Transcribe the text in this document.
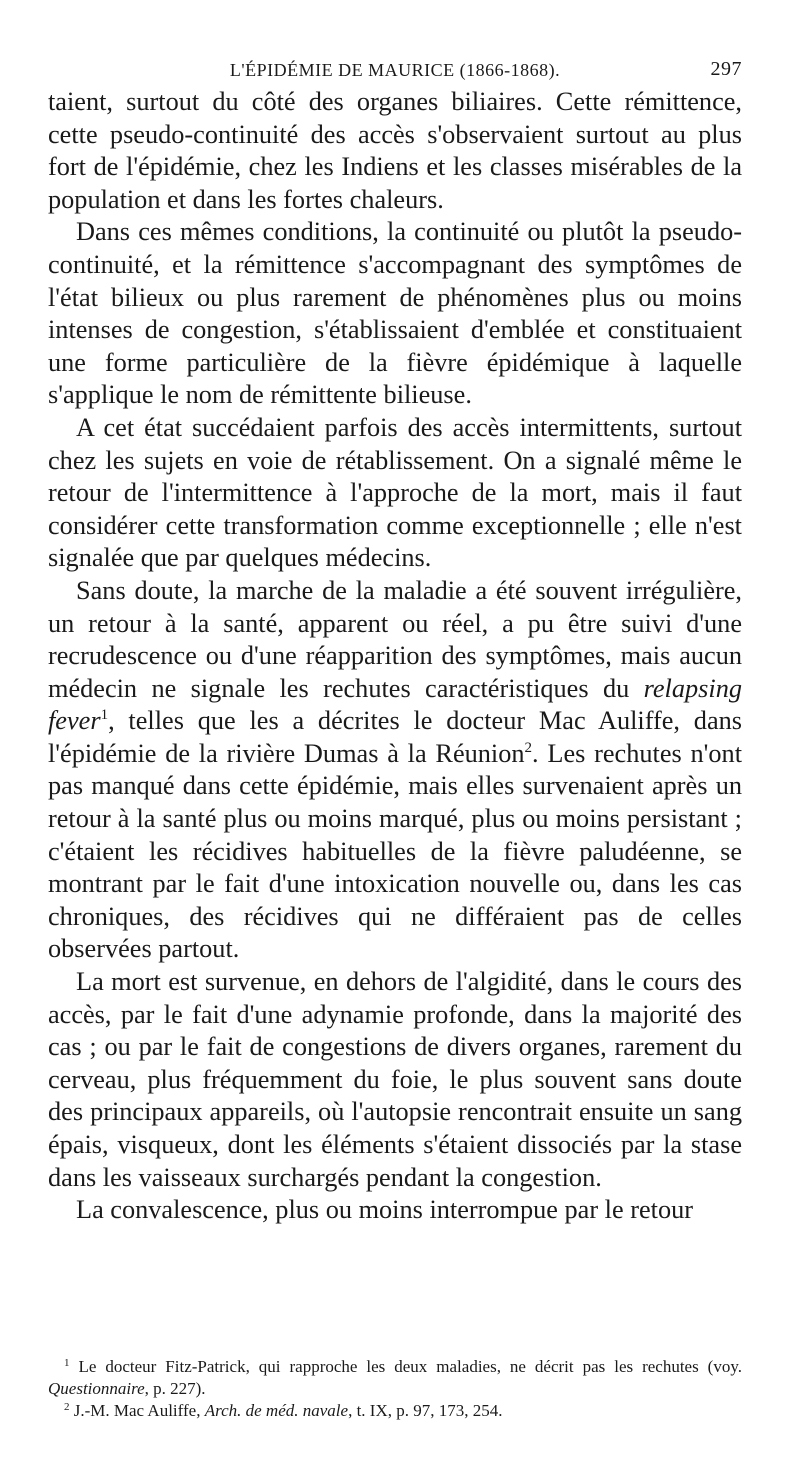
L'ÉPIDÉMIE DE MAURICE (1866-1868).	297

taient, surtout du côté des organes biliaires. Cette rémittence, cette pseudo-continuité des accès s'observaient surtout au plus fort de l'épidémie, chez les Indiens et les classes misérables de la population et dans les fortes chaleurs.

Dans ces mêmes conditions, la continuité ou plutôt la pseudo-continuité, et la rémittence s'accompagnant des symptômes de l'état bilieux ou plus rarement de phénomènes plus ou moins intenses de congestion, s'établissaient d'emblée et constituaient une forme particulière de la fièvre épidémique à laquelle s'applique le nom de rémittente bilieuse.

A cet état succédaient parfois des accès intermittents, surtout chez les sujets en voie de rétablissement. On a signalé même le retour de l'intermittence à l'approche de la mort, mais il faut considérer cette transformation comme exceptionnelle ; elle n'est signalée que par quelques médecins.

Sans doute, la marche de la maladie a été souvent irrégulière, un retour à la santé, apparent ou réel, a pu être suivi d'une recrudescence ou d'une réapparition des symptômes, mais aucun médecin ne signale les rechutes caractéristiques du relapsing fever$^1$, telles que les a décrites le docteur Mac Auliffe, dans l'épidémie de la rivière Dumas à la Réunion$^2$. Les rechutes n'ont pas manqué dans cette épidémie, mais elles survenaient après un retour à la santé plus ou moins marqué, plus ou moins persistant ; c'étaient les récidives habituelles de la fièvre paludéenne, se montrant par le fait d'une intoxication nouvelle ou, dans les cas chroniques, des récidives qui ne différaient pas de celles observées partout.

La mort est survenue, en dehors de l'algidité, dans le cours des accès, par le fait d'une adynamie profonde, dans la majorité des cas ; ou par le fait de congestions de divers organes, rarement du cerveau, plus fréquemment du foie, le plus souvent sans doute des principaux appareils, où l'autopsie rencontrait ensuite un sang épais, visqueux, dont les éléments s'étaient dissociés par la stase dans les vaisseaux surchargés pendant la congestion.

La convalescence, plus ou moins interrompue par le retour

$^1$ Le docteur Fitz-Patrick, qui rapproche les deux maladies, ne décrit pas les rechutes (voy. Questionnaire, p. 227).

$^2$ J.-M. Mac Auliffe, Arch. de méd. navale, t. IX, p. 97, 173, 254.
